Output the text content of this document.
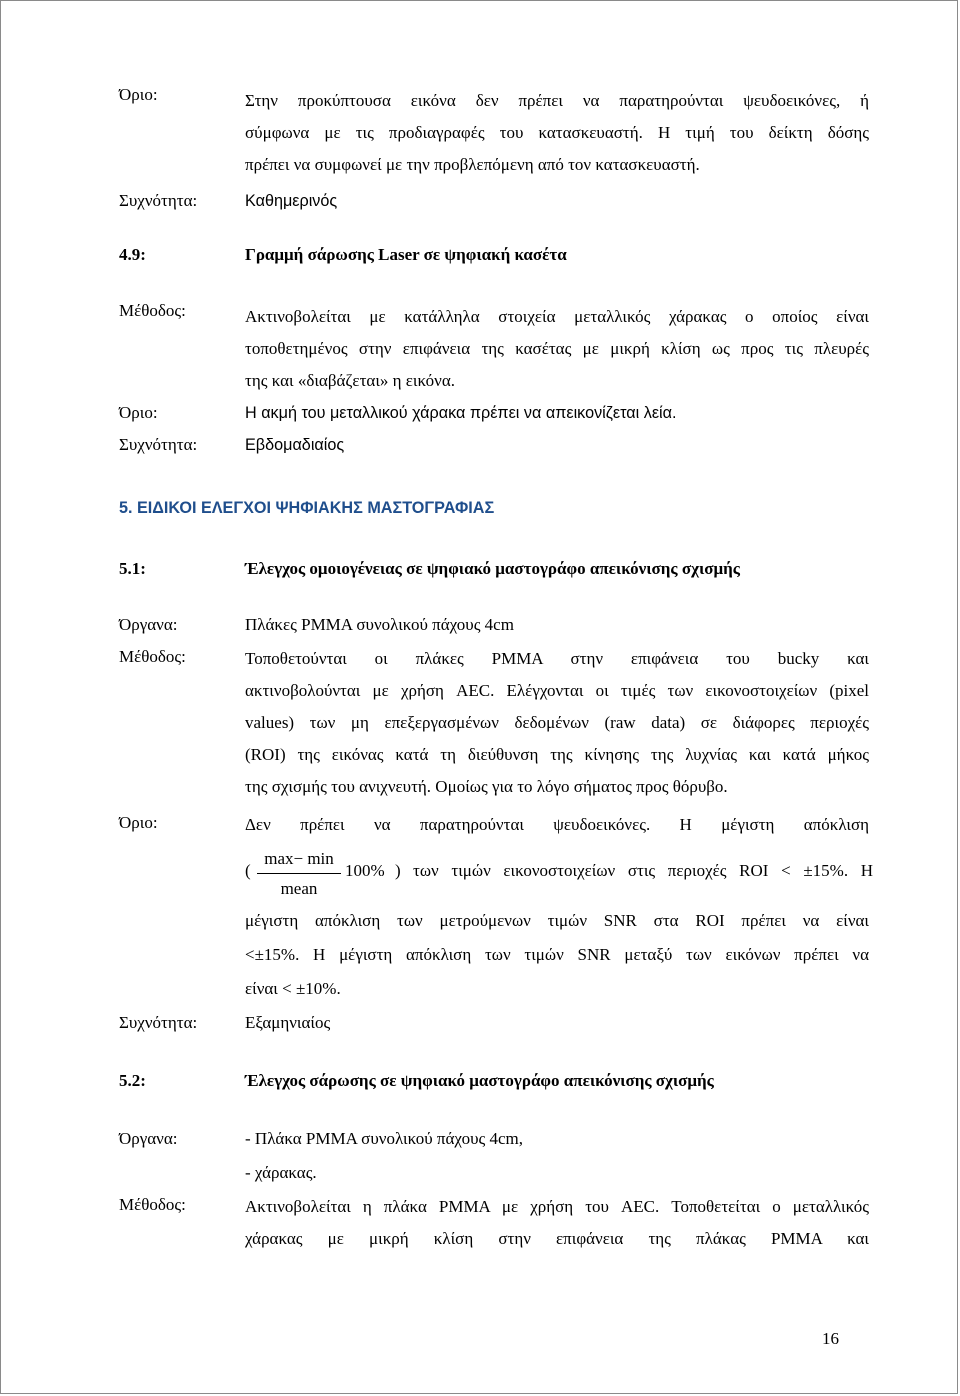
Όριο:	Στην προκύπτουσα εικόνα δεν πρέπει να παρατηρούνται ψευδοεικόνες, ή
σύμφωνα με τις προδιαγραφές του κατασκευαστή. Η τιμή του δείκτη δόσης
πρέπει να συμφωνεί με την προβλεπόμενη από τον κατασκευαστή.
Συχνότητα:	Καθημερινός
4.9:	Γραμμή σάρωσης Laser σε ψηφιακή κασέτα
Μέθοδος:	Ακτινοβολείται με κατάλληλα στοιχεία μεταλλικός χάρακας ο οποίος είναι
τοποθετημένος στην επιφάνεια της κασέτας με μικρή κλίση ως προς τις πλευρές
της και «διαβάζεται» η εικόνα.
Όριο:	Η ακμή του μεταλλικού χάρακα πρέπει να απεικονίζεται λεία.
Συχνότητα:	Εβδομαδιαίος
5. ΕΙΔΙΚΟΙ ΕΛΕΓΧΟΙ ΨΗΦΙΑΚΗΣ ΜΑΣΤΟΓΡΑΦΙΑΣ
5.1:	Έλεγχος ομοιογένειας σε ψηφιακό μαστογράφο απεικόνισης σχισμής
Όργανα:	Πλάκες PMMA συνολικού πάχους 4cm
Μέθοδος:	Τοποθετούνται οι πλάκες PMMA στην επιφάνεια του bucky και
ακτινοβολούνται με χρήση AEC. Ελέγχονται οι τιμές των εικονοστοιχείων (pixel
values) των μη επεξεργασμένων δεδομένων (raw data) σε διάφορες περιοχές
(ROI) της εικόνας κατά τη διεύθυνση της κίνησης της λυχνίας και κατά μήκος
της σχισμής του ανιχνευτή. Ομοίως για το λόγο σήματος προς θόρυβο.
Όριο:	Δεν πρέπει να παρατηρούνται ψευδοεικόνες. Η μέγιστη απόκλιση
(
max− min
mean
100% ) των τιμών εικονοστοιχείων στις περιοχές ROI < ±15%. Η
μέγιστη απόκλιση των μετρούμενων τιμών SNR στα ROI πρέπει να είναι
<±15%. Η μέγιστη απόκλιση των τιμών SNR μεταξύ των εικόνων πρέπει να
είναι < ±10%.
Συχνότητα:	Εξαμηνιαίος
5.2:	Έλεγχος σάρωσης σε ψηφιακό μαστογράφο απεικόνισης σχισμής
Όργανα:	- Πλάκα PMMA συνολικού πάχους 4cm,
- χάρακας.
Μέθοδος:	Ακτινοβολείται η πλάκα PMMA με χρήση του AEC. Τοποθετείται ο μεταλλικός
χάρακας με μικρή κλίση στην επιφάνεια της πλάκας PMMA και
16
